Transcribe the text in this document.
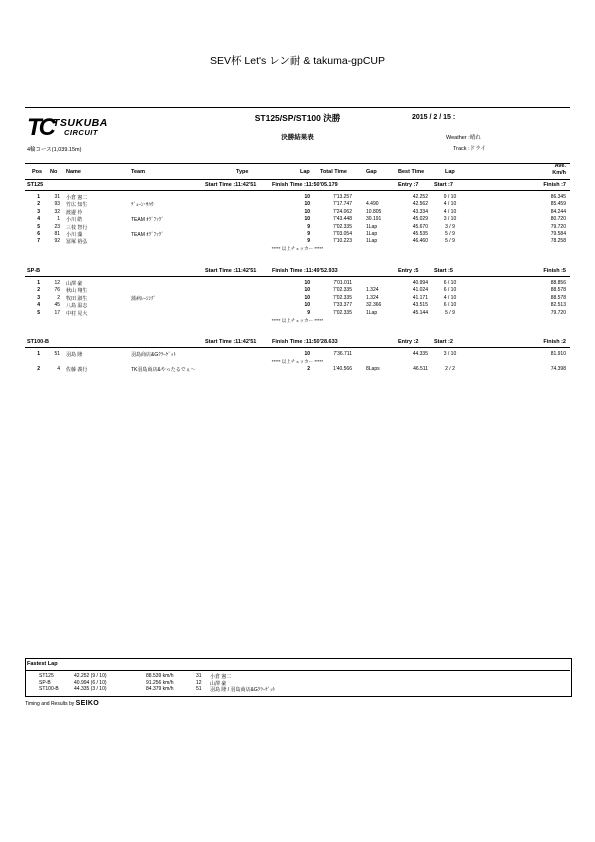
SEV杯 Let's レン耐 & takuma-gpCUP
TC TSUKUBA
CIRCUIT
4輪コース(1,039.15m)
ST125/SP/ST100 決勝
決勝結果表
2015 / 2 / 15 :
Weather :晴れ
Track :ドライ
Pos No Name	Team	Type	Lap Total Time	Gap	Best Time	Lap
Ave.
Km/h
ST125	Start Time :11:42'51	Finish Time :11:50'05.179	Entry :7	Start :7	Finish :7
1	31 小倉 憲二	10	7'13.257	42.252	9 / 10	86.345
2	93 竹広 知生	ﾃﾞｭｰﾝ･ｻﾊｳ	10	7'17.747	4.490	42.562	4 / 10	85.459
3	32 渡邊 伶	10	7'24.062	10.805	43.334	4 / 10	84.244
4	1 小川 皓	TEAM ｵｸﾞﾌｧｸﾞ	10	7'43.448	30.191	45.029	3 / 10	80.720
5	23 三枝 智行	9	7'02.335	1Lap	45.670	3 / 9	79.720
6	81 小川 藻	TEAM ｵｸﾞﾌｧｸﾞ	9	7'03.054	1Lap	45.535	5 / 9	79.584
7	92 冨塚 裕弘	9	7'10.223	1Lap	46.460	5 / 9	78.258
***** 以上チェッカー *****
SP-B	Start Time :11:42'51	Finish Time :11:49'52.933	Entry :5	Start :5	Finish :5
1	12 山澤 豪	10	7'01.011	40.994	6 / 10	88.856
2	76 秋山 翔生	10	7'02.335	1.324	41.024	6 / 10	88.578
3	2 牧田 淑生	蒲病ﾚｰｼﾝｸﾞ	10	7'02.335	1.324	41.171	4 / 10	88.578
4	45 八島 温志	10	7'33.377	32.366	43.515	6 / 10	82.513
5	17 中村 晃大	9	7'02.335	1Lap	45.144	5 / 9	79.720
***** 以上チェッカー *****
ST100-B	Start Time :11:42'51	Finish Time :11:50'28.633	Entry :2	Start :2	Finish :2
1	51 羽島 隆	羽島商店&Gｸﾗｰｹﾞｯﾄ	10	7'36.711	44.335	3 / 10	81.910
***** 以上チェッカー *****
2	4 佐藤 義行	TK羽島商店&やったるでぇ～	2	1'40.566	8Laps	46.511	2 / 2	74.398
Fastest Lap
ST125	42.252 (9 / 10)	88.539 km/h	31 小倉 憲二
SP-B	40.994 (6 / 10)	91.256 km/h	12 山澤 豪
ST100-B	44.335 (3 / 10)	84.379 km/h	51 羽島 隆 / 羽島商店&Gｸﾗｰｹﾞｯﾄ
Timing and Results by SEIKO
